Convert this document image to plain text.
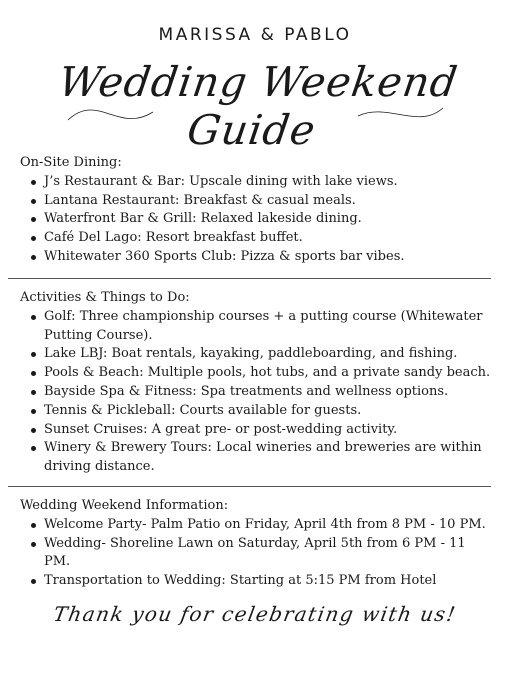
MARISSA & PABLO
Wedding Weekend Guide

On-Site Dining:

J’s Restaurant & Bar: Upscale dining with lake views.
Lantana Restaurant: Breakfast & casual meals.
Waterfront Bar & Grill: Relaxed lakeside dining.
Café Del Lago: Resort breakfast buffet.
Whitewater 360 Sports Club: Pizza & sports bar vibes.

Activities & Things to Do:

Golf: Three championship courses + a putting course (Whitewater Putting Course).
Lake LBJ: Boat rentals, kayaking, paddleboarding, and fishing.
Pools & Beach: Multiple pools, hot tubs, and a private sandy beach.
Bayside Spa & Fitness: Spa treatments and wellness options.
Tennis & Pickleball: Courts available for guests.
Sunset Cruises: A great pre- or post-wedding activity.
Winery & Brewery Tours: Local wineries and breweries are within driving distance.

Wedding Weekend Information:

Welcome Party- Palm Patio on Friday, April 4th from 8 PM - 10 PM.
Wedding- Shoreline Lawn on Saturday, April 5th from 6 PM - 11 PM.
Transportation to Wedding: Starting at 5:15 PM from Hotel
Thank you for celebrating with us!
